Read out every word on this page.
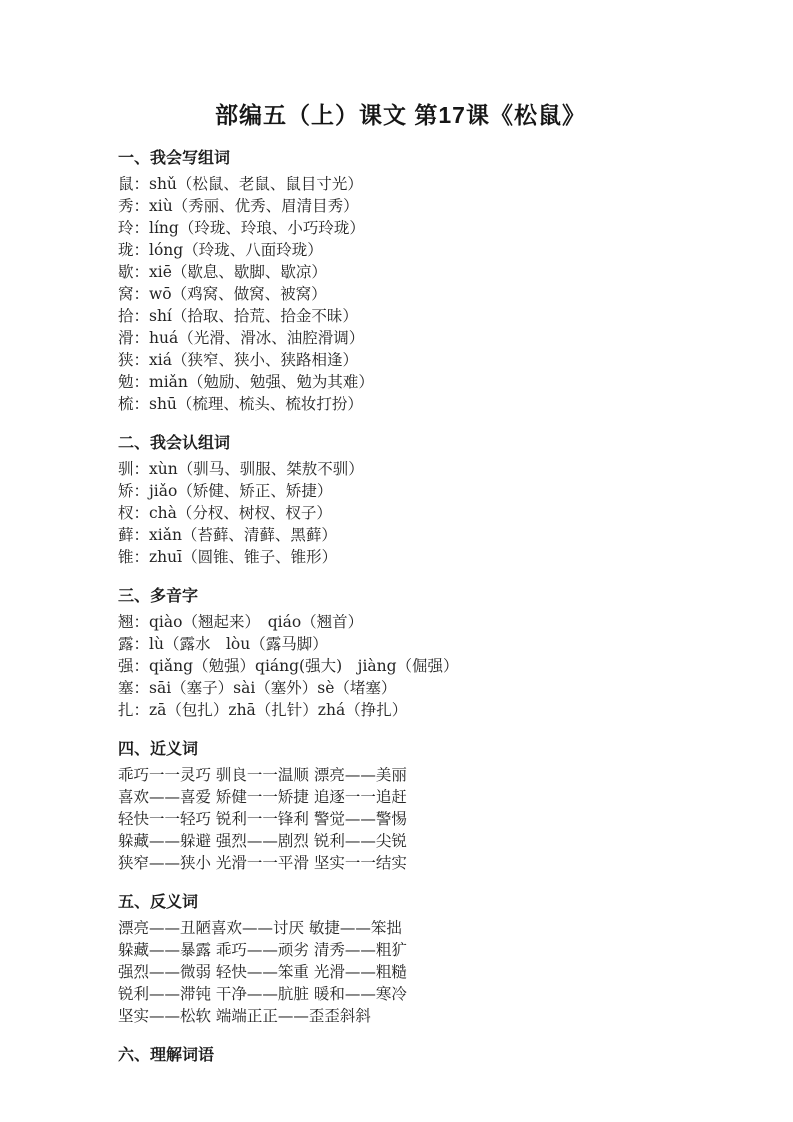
部编五（上）课文 第17课《松鼠》

一、我会写组词

鼠：shǔ（松鼠、老鼠、鼠目寸光）

秀：xiù（秀丽、优秀、眉清目秀）

玲：líng（玲珑、玲琅、小巧玲珑）

珑：lóng（玲珑、八面玲珑）

歇：xiē（歇息、歇脚、歇凉）

窝：wō（鸡窝、做窝、被窝）

拾：shí（拾取、拾荒、拾金不昧）

滑：huá（光滑、滑冰、油腔滑调）

狭：xiá（狭窄、狭小、狭路相逢）

勉：miǎn（勉励、勉强、勉为其难）

梳：shū（梳理、梳头、梳妆打扮）

二、我会认组词

驯：xùn（驯马、驯服、桀敖不驯）

矫：jiǎo（矫健、矫正、矫捷）

杈：chà（分杈、树杈、杈子）

藓：xiǎn（苔藓、清藓、黑藓）

锥：zhuī（圆锥、锥子、锥形）

三、多音字

翘：qiào（翘起来）　qiáo（翘首）

露：lù（露水　lòu（露马脚）

强：qiǎng（勉强）qiáng(强大)　jiàng（倔强）

塞：sāi（塞子）sài（塞外）sè（堵塞）

扎：zā（包扎）zhā（扎针）zhá（挣扎）

四、近义词

乖巧一一灵巧 驯良一一温顺 漂亮——美丽

喜欢——喜爱 矫健一一矫捷 追逐一一追赶

轻快一一轻巧 锐利一一锋利 警觉——警惕

躲藏——躲避 强烈——剧烈 锐利——尖锐

狭窄——狭小 光滑一一平滑 坚实一一结实

五、反义词

漂亮——丑陋喜欢——讨厌 敏捷——笨拙

躲藏——暴露 乖巧——顽劣 清秀——粗犷

强烈——微弱 轻快——笨重 光滑——粗糙

锐利——滞钝 干净——肮脏 暖和——寒冷

坚实——松软 端端正正——歪歪斜斜

六、理解词语
